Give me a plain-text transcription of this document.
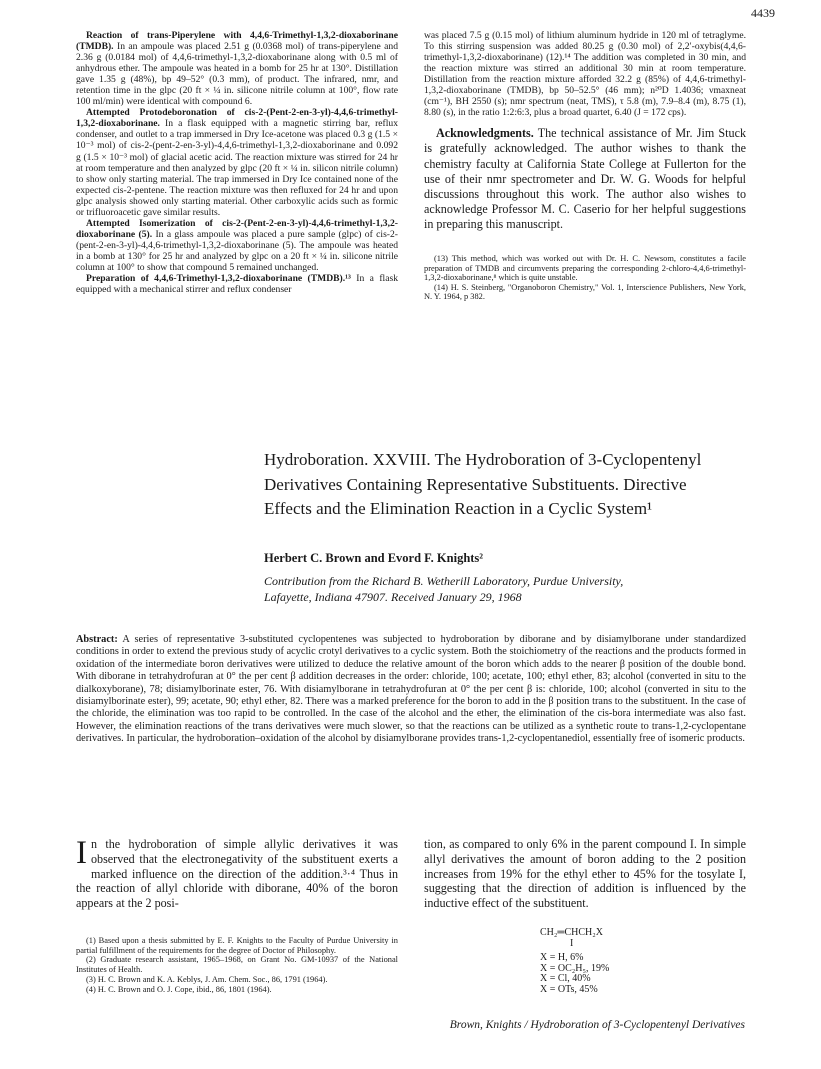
4439

Reaction of trans-Piperylene with 4,4,6-Trimethyl-1,3,2-dioxaborinane (TMDB). In an ampoule was placed 2.51 g (0.0368 mol) of trans-piperylene and 2.36 g (0.0184 mol) of 4,4,6-trimethyl-1,3,2-dioxaborinane along with 0.5 ml of anhydrous ether. The ampoule was heated in a bomb for 25 hr at 130°. Distillation gave 1.35 g (48%), bp 49–52° (0.3 mm), of product. The infrared, nmr, and retention time in the glpc (20 ft × ¼ in. silicone nitrile column at 100°, flow rate 100 ml/min) were identical with compound 6.

Attempted Protodeboronation of cis-2-(Pent-2-en-3-yl)-4,4,6-trimethyl-1,3,2-dioxaborinane. In a flask equipped with a magnetic stirring bar, reflux condenser, and outlet to a trap immersed in Dry Ice-acetone was placed 0.3 g (1.5 × 10⁻³ mol) of cis-2-(pent-2-en-3-yl)-4,4,6-trimethyl-1,3,2-dioxaborinane and 0.092 g (1.5 × 10⁻³ mol) of glacial acetic acid. The reaction mixture was stirred for 24 hr at room temperature and then analyzed by glpc (20 ft × ¼ in. silicon nitrile column) to show only starting material. The trap immersed in Dry Ice contained none of the expected cis-2-pentene. The reaction mixture was then refluxed for 24 hr and upon glpc analysis showed only starting material. Other carboxylic acids such as formic or trifluoroacetic gave similar results.

Attempted Isomerization of cis-2-(Pent-2-en-3-yl)-4,4,6-trimethyl-1,3,2-dioxaborinane (5). In a glass ampoule was placed a pure sample (glpc) of cis-2-(pent-2-en-3-yl)-4,4,6-trimethyl-1,3,2-dioxaborinane (5). The ampoule was heated in a bomb at 130° for 25 hr and analyzed by glpc on a 20 ft × ¼ in. silicone nitrile column at 100° to show that compound 5 remained unchanged.

Preparation of 4,4,6-Trimethyl-1,3,2-dioxaborinane (TMDB).¹³ In a flask equipped with a mechanical stirrer and reflux condenser

was placed 7.5 g (0.15 mol) of lithium aluminum hydride in 120 ml of tetraglyme. To this stirring suspension was added 80.25 g (0.30 mol) of 2,2′-oxybis(4,4,6-trimethyl-1,3,2-dioxaborinane) (12).¹⁴ The addition was completed in 30 min, and the reaction mixture was stirred an additional 30 min at room temperature. Distillation from the reaction mixture afforded 32.2 g (85%) of 4,4,6-trimethyl-1,3,2-dioxaborinane (TMDB), bp 50–52.5° (46 mm); n²⁰D 1.4036; νmaxneat (cm⁻¹), BH 2550 (s); nmr spectrum (neat, TMS), τ 5.8 (m), 7.9–8.4 (m), 8.75 (1), 8.80 (s), in the ratio 1:2:6:3, plus a broad quartet, 6.40 (J = 172 cps).

Acknowledgments. The technical assistance of Mr. Jim Stuck is gratefully acknowledged. The author wishes to thank the chemistry faculty at California State College at Fullerton for the use of their nmr spectrometer and Dr. W. G. Woods for helpful discussions throughout this work. The author also wishes to acknowledge Professor M. C. Caserio for her helpful suggestions in preparing this manuscript.

(13) This method, which was worked out with Dr. H. C. Newsom, constitutes a facile preparation of TMDB and circumvents preparing the corresponding 2-chloro-4,4,6-trimethyl-1,3,2-dioxaborinane,⁸ which is quite unstable.

(14) H. S. Steinberg, "Organoboron Chemistry," Vol. 1, Interscience Publishers, New York, N. Y. 1964, p 382.

Hydroboration. XXVIII. The Hydroboration of 3-Cyclopentenyl Derivatives Containing Representative Substituents. Directive Effects and the Elimination Reaction in a Cyclic System¹
Herbert C. Brown and Evord F. Knights²
Contribution from the Richard B. Wetherill Laboratory, Purdue University, Lafayette, Indiana 47907. Received January 29, 1968
Abstract: A series of representative 3-substituted cyclopentenes was subjected to hydroboration by diborane and by disiamylborane under standardized conditions in order to extend the previous study of acyclic crotyl derivatives to a cyclic system. Both the stoichiometry of the reactions and the products formed in oxidation of the intermediate boron derivatives were utilized to deduce the relative amount of the boron which adds to the nearer β position of the double bond. With diborane in tetrahydrofuran at 0° the per cent β addition decreases in the order: chloride, 100; acetate, 100; ethyl ether, 83; alcohol (converted in situ to the dialkoxyborane), 78; disiamylborinate ester, 76. With disiamylborane in tetrahydrofuran at 0° the per cent β is: chloride, 100; alcohol (converted in situ to the disiamylborinate ester), 99; acetate, 90; ethyl ether, 82. There was a marked preference for the boron to add in the β position trans to the substituent. In the case of the chloride, the elimination was too rapid to be controlled. In the case of the alcohol and the ether, the elimination of the cis-bora intermediate was also fast. However, the elimination reactions of the trans derivatives were much slower, so that the reactions can be utilized as a synthetic route to trans-1,2-cyclopentane derivatives. In particular, the hydroboration–oxidation of the alcohol by disiamylborane provides trans-1,2-cyclopentanediol, essentially free of isomeric products.
In the hydroboration of simple allylic derivatives it was observed that the electronegativity of the substituent exerts a marked influence on the direction of the addition.³·⁴ Thus in the reaction of allyl chloride with diborane, 40% of the boron appears at the 2 posi-
tion, as compared to only 6% in the parent compound I. In simple allyl derivatives the amount of boron adding to the 2 position increases from 19% for the ethyl ether to 45% for the tosylate I, suggesting that the direction of addition is influenced by the inductive effect of the substituent.

(1) Based upon a thesis submitted by E. F. Knights to the Faculty of Purdue University in partial fulfillment of the requirements for the degree of Doctor of Philosophy.

(2) Graduate research assistant, 1965–1968, on Grant No. GM-10937 of the National Institutes of Health.

(3) H. C. Brown and K. A. Keblys, J. Am. Chem. Soc., 86, 1791 (1964).

(4) H. C. Brown and O. J. Cope, ibid., 86, 1801 (1964).

CH₂═CHCH₂X
I
X = H, 6%
X = OC₂H₅, 19%
X = Cl, 40%
X = OTs, 45%
Brown, Knights / Hydroboration of 3-Cyclopentenyl Derivatives
